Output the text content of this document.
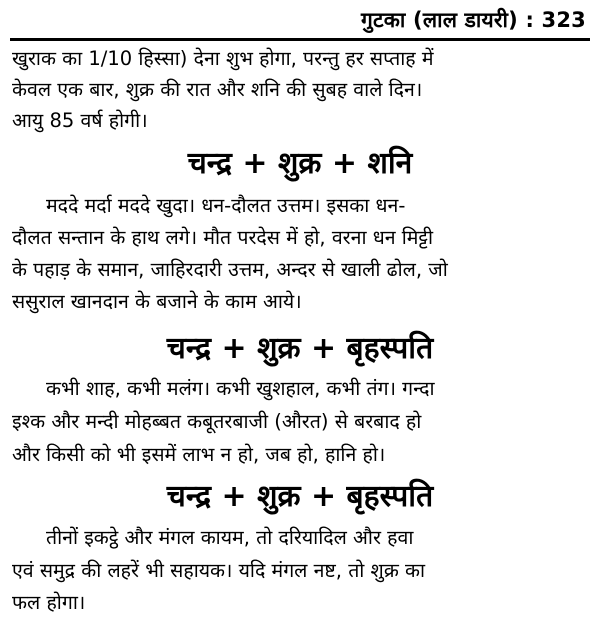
गुटका (लाल डायरी) : 323
खुराक का 1/10 हिस्सा) देना शुभ होगा, परन्तु हर सप्ताह में
केवल एक बार, शुक्र की रात और शनि की सुबह वाले दिन।
आयु 85 वर्ष होगी।
चन्द्र + शुक्र + शनि
मददे मर्दा मददे खुदा। धन-दौलत उत्तम। इसका धन-
दौलत सन्तान के हाथ लगे। मौत परदेस में हो, वरना धन मिट्टी
के पहाड़ के समान, जाहिरदारी उत्तम, अन्दर से खाली ढोल, जो
ससुराल खानदान के बजाने के काम आये।
चन्द्र + शुक्र + बृहस्पति
कभी शाह, कभी मलंग। कभी खुशहाल, कभी तंग। गन्दा
इश्क और मन्दी मोहब्बत कबूतरबाजी (औरत) से बरबाद हो
और किसी को भी इसमें लाभ न हो, जब हो, हानि हो।
चन्द्र + शुक्र + बृहस्पति
तीनों इकट्ठे और मंगल कायम, तो दरियादिल और हवा
एवं समुद्र की लहरें भी सहायक। यदि मंगल नष्ट, तो शुक्र का
फल होगा।
